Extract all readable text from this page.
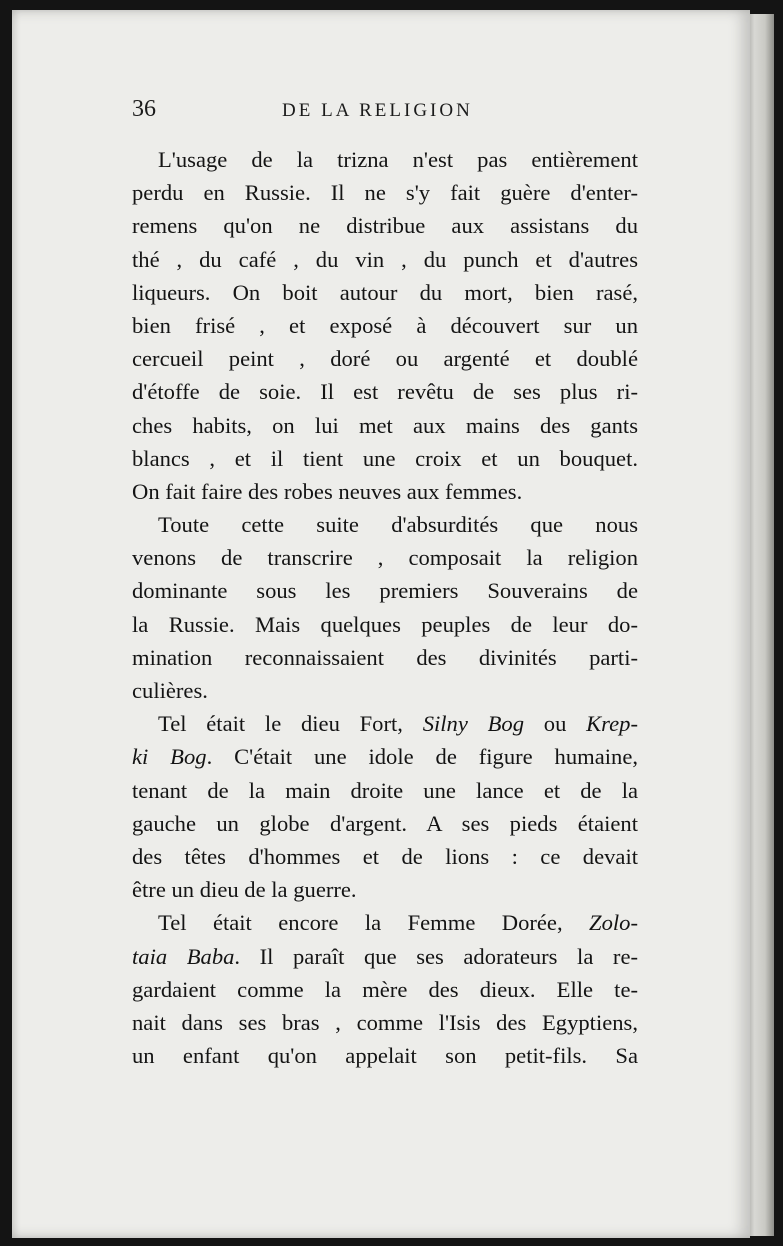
36	DE LA RELIGION
L'usage de la trizna n'est pas entièrement
perdu en Russie. Il ne s'y fait guère d'enter-
remens qu'on ne distribue aux assistans du
thé , du café , du vin , du punch et d'autres
liqueurs. On boit autour du mort, bien rasé,
bien frisé , et exposé à découvert sur un
cercueil peint , doré ou argenté et doublé
d'étoffe de soie. Il est revêtu de ses plus ri-
ches habits, on lui met aux mains des gants
blancs , et il tient une croix et un bouquet.
On fait faire des robes neuves aux femmes.
Toute cette suite d'absurdités que nous
venons de transcrire , composait la religion
dominante sous les premiers Souverains de
la Russie. Mais quelques peuples de leur do-
mination reconnaissaient des divinités parti-
culières.
Tel était le dieu Fort, Silny Bog ou Krep-
ki Bog. C'était une idole de figure humaine,
tenant de la main droite une lance et de la
gauche un globe d'argent. A ses pieds étaient
des têtes d'hommes et de lions : ce devait
être un dieu de la guerre.
Tel était encore la Femme Dorée, Zolo-
taia Baba. Il paraît que ses adorateurs la re-
gardaient comme la mère des dieux. Elle te-
nait dans ses bras , comme l'Isis des Egyptiens,
un enfant qu'on appelait son petit-fils. Sa
